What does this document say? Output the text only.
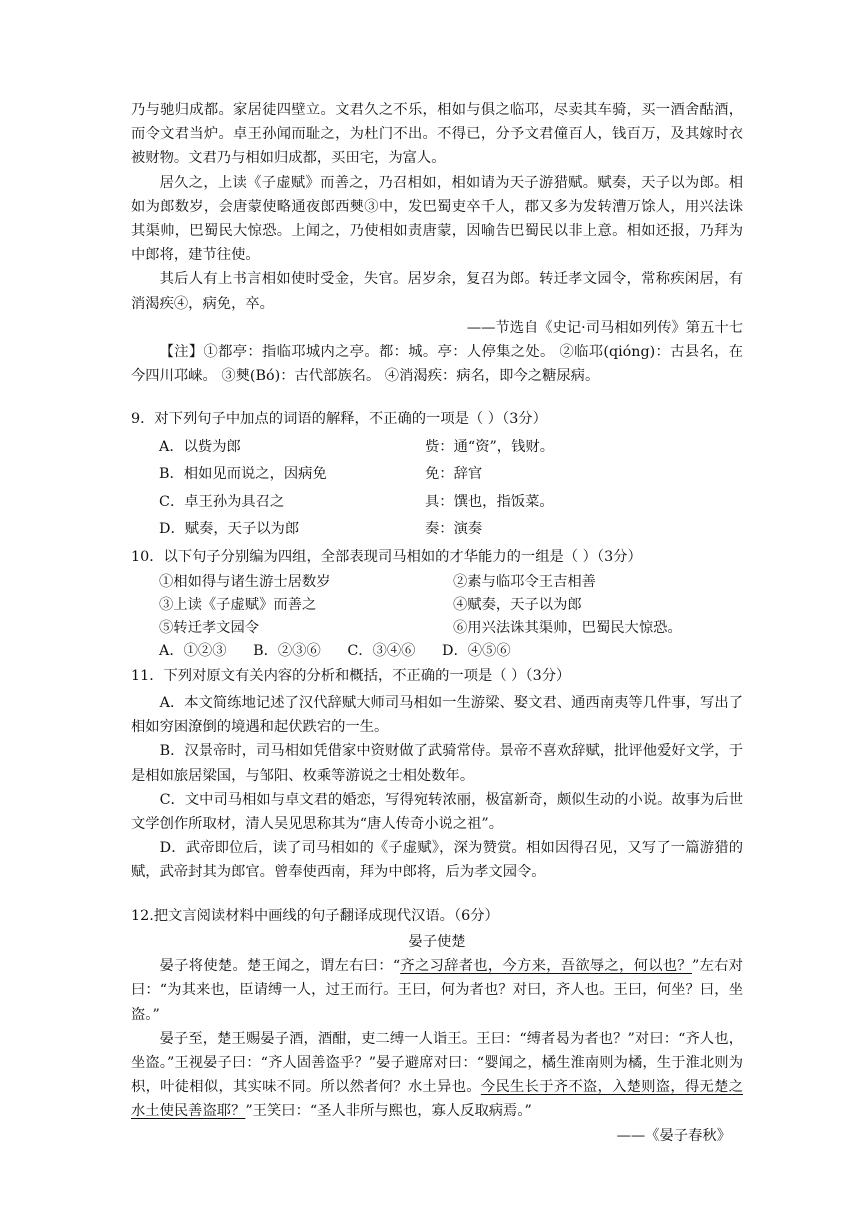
乃与驰归成都。家居徒四壁立。文君久之不乐，相如与俱之临邛，尽卖其车骑，买一酒舍酤酒，而令文君当炉。卓王孙闻而耻之，为杜门不出。不得已，分予文君僮百人，钱百万，及其嫁时衣被财物。文君乃与相如归成都，买田宅，为富人。

居久之，上读《子虚赋》而善之，乃召相如，相如请为天子游猎赋。赋奏，天子以为郎。相如为郎数岁，会唐蒙使略通夜郎西僰③中，发巴蜀吏卒千人，郡又多为发转漕万馀人，用兴法诛其渠帅，巴蜀民大惊恐。上闻之，乃使相如责唐蒙，因喻告巴蜀民以非上意。相如还报，乃拜为中郎将，建节往使。

其后人有上书言相如使时受金，失官。居岁余，复召为郎。转迁孝文园令，常称疾闲居，有消渴疾④，病免，卒。

——节选自《史记·司马相如列传》第五十七

【注】①都亭：指临邛城内之亭。都：城。亭：人停集之处。 ②临邛(qióng)：古县名，在今四川邛崃。 ③僰(Bó)：古代部族名。 ④消渴疾：病名，即今之糖尿病。

9．对下列句子中加点的词语的解释，不正确的一项是（ ）（3分）

A．以赀为郎	赀：通“资”，钱财。
B．相如见而说之，因病免	免：辞官
C．卓王孙为具召之	具：馔也，指饭菜。
D．赋奏，天子以为郎	奏：演奏

10．以下句子分别编为四组，全部表现司马相如的才华能力的一组是（ ）（3分）

①相如得与诸生游士居数岁	②素与临邛令王吉相善
③上读《子虚赋》而善之	④赋奏，天子以为郎
⑤转迁孝文园令	⑥用兴法诛其渠帅，巴蜀民大惊恐。
A．①②③ B．②③⑥ C．③④⑥ D．④⑤⑥

11．下列对原文有关内容的分析和概括，不正确的一项是（ ）（3分）

A．本文简练地记述了汉代辞赋大师司马相如一生游梁、娶文君、通西南夷等几件事，写出了相如穷困潦倒的境遇和起伏跌宕的一生。

B．汉景帝时，司马相如凭借家中资财做了武骑常侍。景帝不喜欢辞赋，批评他爱好文学，于是相如旅居梁国，与邹阳、枚乘等游说之士相处数年。

C．文中司马相如与卓文君的婚恋，写得宛转浓丽，极富新奇，颇似生动的小说。故事为后世文学创作所取材，清人吴见思称其为“唐人传奇小说之祖”。

D．武帝即位后，读了司马相如的《子虚赋》，深为赞赏。相如因得召见，又写了一篇游猎的赋，武帝封其为郎官。曾奉使西南，拜为中郎将，后为孝文园令。

12.把文言阅读材料中画线的句子翻译成现代汉语。（6分）

晏子使楚

晏子将使楚。楚王闻之，谓左右曰：“齐之习辞者也，今方来，吾欲辱之，何以也？”左右对曰：“为其来也，臣请缚一人，过王而行。王曰，何为者也？对曰，齐人也。王曰，何坐？曰，坐盗。”

晏子至，楚王赐晏子酒，酒酣，吏二缚一人诣王。王曰：“缚者曷为者也？”对曰：“齐人也，坐盗。”王视晏子曰：“齐人固善盗乎？”晏子避席对曰：“婴闻之，橘生淮南则为橘，生于淮北则为枳，叶徒相似，其实味不同。所以然者何？水土异也。今民生长于齐不盗，入楚则盗，得无楚之水土使民善盗耶？”王笑曰：“圣人非所与熙也，寡人反取病焉。”

——《晏子春秋》
